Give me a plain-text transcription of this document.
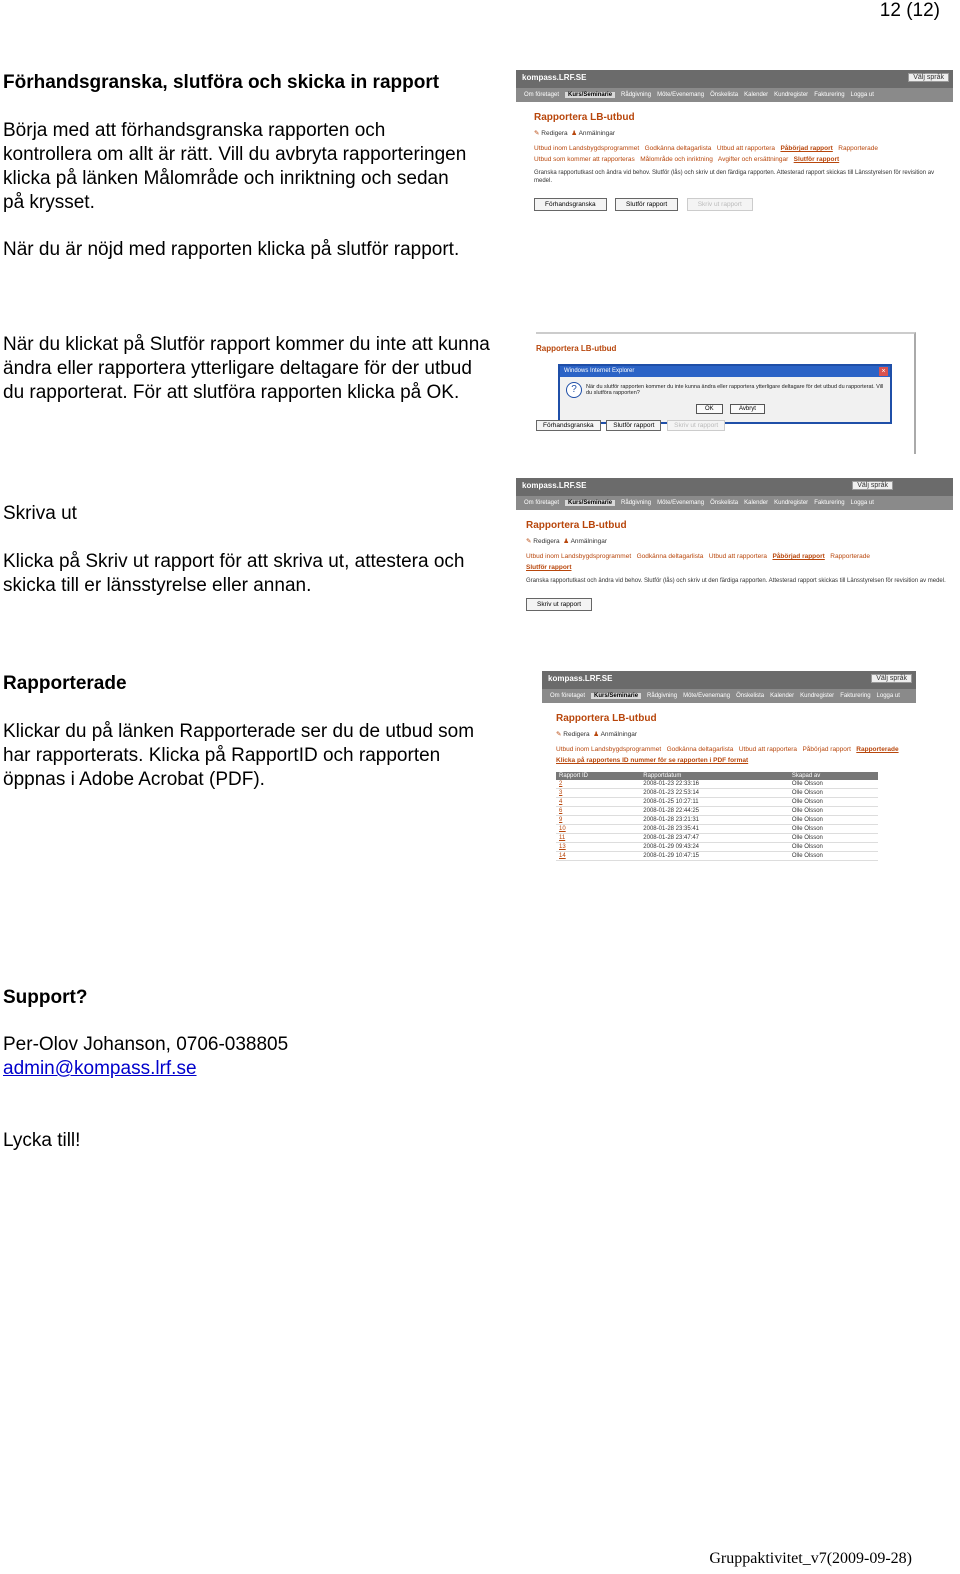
12 (12)

Förhandsgranska, slutföra och skicka in rapport

Börja med att förhandsgranska rapporten och kontrollera om allt är rätt. Vill du avbryta rapporteringen klicka på länken Målområde och inriktning och sedan på krysset.

När du är nöjd med rapporten klicka på slutför rapport.

kompass.LRF.SE	Välj språk
Om företaget Kurs/Seminarie Rådgivning Möte/Evenemang Önskelista Kalender Kundregister Fakturering Logga ut
Rapportera LB-utbud
✎ Redigera ♟ Anmälningar
Utbud inom Landsbygdsprogrammet Godkänna deltagarlista Utbud att rapportera Påbörjad rapport Rapporterade
Utbud som kommer att rapporteras Målområde och inriktning Avgifter och ersättningar Slutför rapport
Granska rapportutkast och ändra vid behov. Slutför (lås) och skriv ut den färdiga rapporten. Attesterad rapport skickas till Länsstyrelsen för revisition av medel.
Förhandsgranska	Slutför rapport	Skriv ut rapport

När du klickat på Slutför rapport kommer du inte att kunna ändra eller rapportera ytterligare deltagare för der utbud du rapporterat. För att slutföra rapporten klicka på OK.

Rapportera LB-utbud
Windows Internet Explorer	×
?	När du slutför rapporten kommer du inte kunna ändra eller rapportera ytterligare deltagare för det utbud du rapporterat. Vill du slutföra rapporten?
OK	Avbryt
Förhandsgranska	Slutför rapport	Skriv ut rapport

Skriva ut

Klicka på Skriv ut rapport för att skriva ut, attestera och skicka till er länsstyrelse eller annan.

kompass.LRF.SE	Välj språk
Om företaget Kurs/Seminarie Rådgivning Möte/Evenemang Önskelista Kalender Kundregister Fakturering Logga ut
Rapportera LB-utbud
✎ Redigera ♟ Anmälningar
Utbud inom Landsbygdsprogrammet Godkänna deltagarlista Utbud att rapportera Påbörjad rapport Rapporterade
Slutför rapport
Granska rapportutkast och ändra vid behov. Slutför (lås) och skriv ut den färdiga rapporten. Attesterad rapport skickas till Länsstyrelsen för revisition av medel.
Skriv ut rapport

Rapporterade

Klickar du på länken Rapporterade ser du de utbud som har rapporterats. Klicka på RapportID och rapporten öppnas i Adobe Acrobat (PDF).

kompass.LRF.SE	Välj språk
Om företaget Kurs/Seminarie Rådgivning Möte/Evenemang Önskelista Kalender Kundregister Fakturering Logga ut
Rapportera LB-utbud
✎ Redigera ♟ Anmälningar
Utbud inom Landsbygdsprogrammet Godkänna deltagarlista Utbud att rapportera Påbörjad rapport Rapporterade
Klicka på rapportens ID nummer för se rapporten i PDF format
Rapport ID	Rapportdatum	Skapad av
2	2008-01-23 22:33:16	Olle Olsson
3	2008-01-23 22:53:14	Olle Olsson
4	2008-01-25 10:27:11	Olle Olsson
6	2008-01-28 22:44:25	Olle Olsson
9	2008-01-28 23:21:31	Olle Olsson
10	2008-01-28 23:35:41	Olle Olsson
11	2008-01-28 23:47:47	Olle Olsson
13	2008-01-29 09:43:24	Olle Olsson
14	2008-01-29 10:47:15	Olle Olsson

Support?

Per-Olov Johanson, 0706-038805

admin@kompass.lrf.se

Lycka till!

Gruppaktivitet_v7(2009-09-28)
